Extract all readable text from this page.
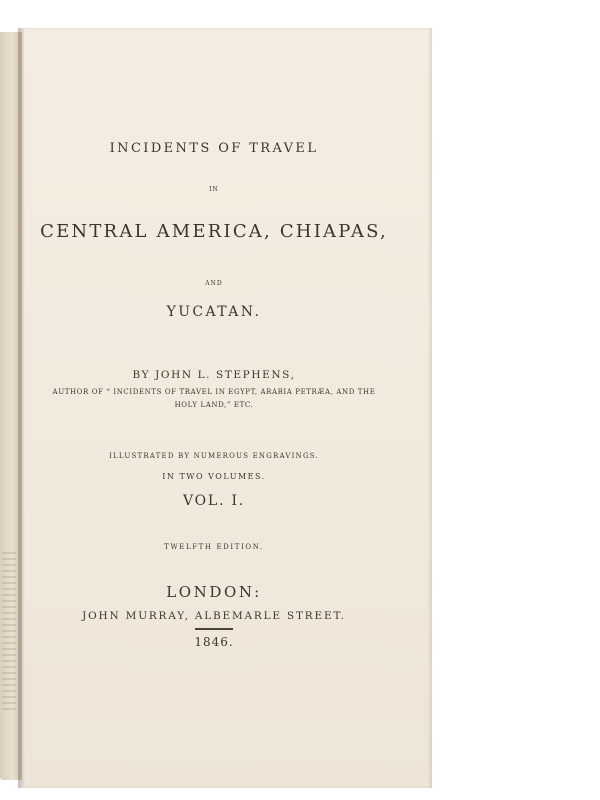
INCIDENTS OF TRAVEL
IN
CENTRAL AMERICA, CHIAPAS,
AND
YUCATAN.
BY JOHN L. STEPHENS,
AUTHOR OF “ INCIDENTS OF TRAVEL IN EGYPT, ARABIA PETRÆA, AND THE
HOLY LAND,” ETC.
ILLUSTRATED BY NUMEROUS ENGRAVINGS.
IN TWO VOLUMES.
VOL. I.
TWELFTH EDITION.
LONDON:
JOHN MURRAY, ALBEMARLE STREET.
1846.
